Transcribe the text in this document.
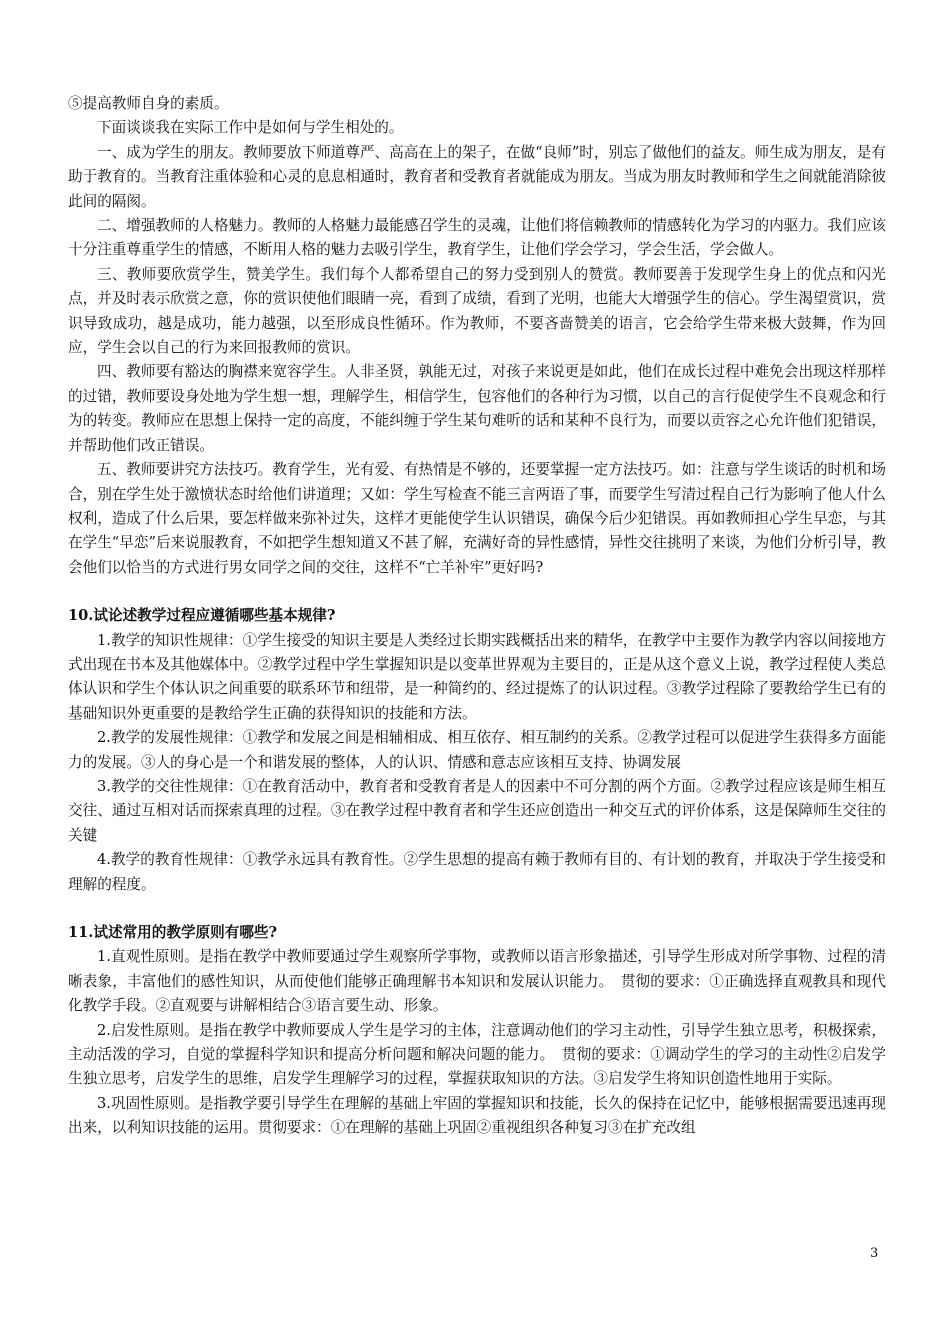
⑤提高教师自身的素质。

下面谈谈我在实际工作中是如何与学生相处的。

一、成为学生的朋友。教师要放下师道尊严、高高在上的架子，在做“良师”时，别忘了做他们的益友。师生成为朋友，是有助于教育的。当教育注重体验和心灵的息息相通时，教育者和受教育者就能成为朋友。当成为朋友时教师和学生之间就能消除彼此间的隔阂。

二、增强教师的人格魅力。教师的人格魅力最能感召学生的灵魂，让他们将信赖教师的情感转化为学习的内驱力。我们应该十分注重尊重学生的情感，不断用人格的魅力去吸引学生，教育学生，让他们学会学习，学会生活，学会做人。

三、教师要欣赏学生，赞美学生。我们每个人都希望自己的努力受到别人的赞赏。教师要善于发现学生身上的优点和闪光点，并及时表示欣赏之意，你的赏识使他们眼睛一亮，看到了成绩，看到了光明，也能大大增强学生的信心。学生渴望赏识，赏识导致成功，越是成功，能力越强，以至形成良性循环。作为教师，不要吝啬赞美的语言，它会给学生带来极大鼓舞，作为回应，学生会以自己的行为来回报教师的赏识。

四、教师要有豁达的胸襟来宽容学生。人非圣贤，孰能无过，对孩子来说更是如此，他们在成长过程中难免会出现这样那样的过错，教师要设身处地为学生想一想，理解学生，相信学生，包容他们的各种行为习惯，以自己的言行促使学生不良观念和行为的转变。教师应在思想上保持一定的高度，不能纠缠于学生某句难听的话和某种不良行为，而要以贡容之心允许他们犯错误，并帮助他们改正错误。

五、教师要讲究方法技巧。教育学生，光有爱、有热情是不够的，还要掌握一定方法技巧。如：注意与学生谈话的时机和场合，别在学生处于激愤状态时给他们讲道理；又如：学生写检查不能三言两语了事，而要学生写清过程自己行为影响了他人什么权利，造成了什么后果，要怎样做来弥补过失，这样才更能使学生认识错误，确保今后少犯错误。再如教师担心学生早恋，与其在学生“早恋”后来说服教育，不如把学生想知道又不甚了解，充满好奇的异性感情，异性交往挑明了来谈，为他们分析引导，教会他们以恰当的方式进行男女同学之间的交往，这样不“亡羊补牢”更好吗?

10.试论述教学过程应遵循哪些基本规律?

1.教学的知识性规律：①学生接受的知识主要是人类经过长期实践概括出来的精华，在教学中主要作为教学内容以间接地方式出现在书本及其他媒体中。②教学过程中学生掌握知识是以变革世界观为主要目的，正是从这个意义上说，教学过程使人类总体认识和学生个体认识之间重要的联系环节和纽带，是一种简约的、经过提炼了的认识过程。③教学过程除了要教给学生已有的基础知识外更重要的是教给学生正确的获得知识的技能和方法。

2.教学的发展性规律：①教学和发展之间是相辅相成、相互依存、相互制约的关系。②教学过程可以促进学生获得多方面能力的发展。③人的身心是一个和谐发展的整体，人的认识、情感和意志应该相互支持、协调发展

3.教学的交往性规律：①在教育活动中，教育者和受教育者是人的因素中不可分割的两个方面。②教学过程应该是师生相互交往、通过互相对话而探索真理的过程。③在教学过程中教育者和学生还应创造出一种交互式的评价体系，这是保障师生交往的关键

4.教学的教育性规律：①教学永远具有教育性。②学生思想的提高有赖于教师有目的、有计划的教育，并取决于学生接受和理解的程度。

11.试述常用的教学原则有哪些?

1.直观性原则。是指在教学中教师要通过学生观察所学事物，或教师以语言形象描述，引导学生形成对所学事物、过程的清晰表象，丰富他们的感性知识，从而使他们能够正确理解书本知识和发展认识能力。　贯彻的要求：①正确选择直观教具和现代化教学手段。②直观要与讲解相结合③语言要生动、形象。

2.启发性原则。是指在教学中教师要成人学生是学习的主体，注意调动他们的学习主动性，引导学生独立思考，积极探索，主动活泼的学习，自觉的掌握科学知识和提高分析问题和解决问题的能力。　贯彻的要求：①调动学生的学习的主动性②启发学生独立思考，启发学生的思维，启发学生理解学习的过程，掌握获取知识的方法。③启发学生将知识创造性地用于实际。

3.巩固性原则。是指教学要引导学生在理解的基础上牢固的掌握知识和技能，长久的保持在记忆中，能够根据需要迅速再现出来，以利知识技能的运用。贯彻要求：①在理解的基础上巩固②重视组织各种复习③在扩充改组

3
